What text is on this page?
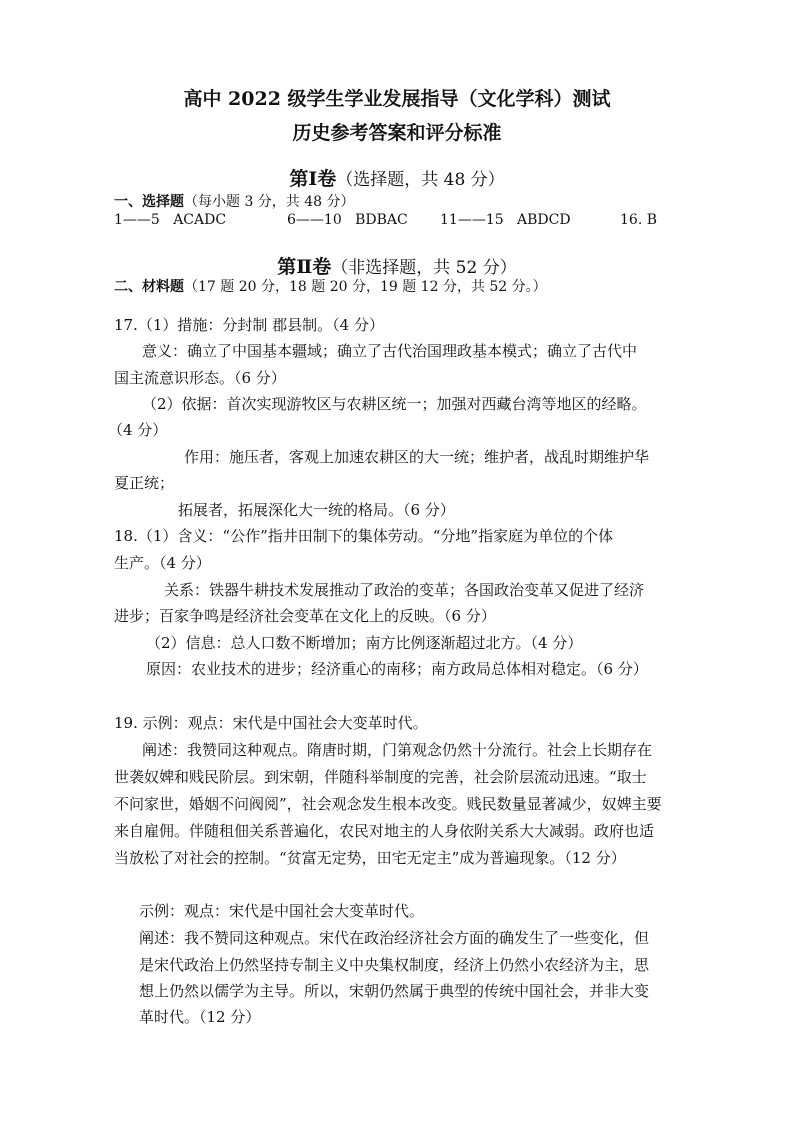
高中 2022 级学生学业发展指导（文化学科）测试
历史参考答案和评分标准
第Ⅰ卷（选择题，共 48 分）
一、选择题（每小题 3 分，共 48 分）
1——5 ACADC	6——10 BDBAC 11——15 ABDCD	16. B
第Ⅱ卷（非选择题，共 52 分）
二、材料题（17 题 20 分，18 题 20 分，19 题 12 分，共 52 分。）
17.（1）措施：分封制 郡县制。（4 分）
意义：确立了中国基本疆域；确立了古代治国理政基本模式；确立了古代中
国主流意识形态。（6 分）
（2）依据：首次实现游牧区与农耕区统一；加强对西藏台湾等地区的经略。
（4 分）
作用：施压者，客观上加速农耕区的大一统；维护者，战乱时期维护华
夏正统；
拓展者，拓展深化大一统的格局。（6 分）
18.（1）含义：“公作”指井田制下的集体劳动。“分地”指家庭为单位的个体
生产。（4 分）
关系：铁器牛耕技术发展推动了政治的变革；各国政治变革又促进了经济
进步；百家争鸣是经济社会变革在文化上的反映。（6 分）
（2）信息：总人口数不断增加；南方比例逐渐超过北方。（4 分）
原因：农业技术的进步；经济重心的南移；南方政局总体相对稳定。（6 分）
19. 示例：观点：宋代是中国社会大变革时代。
阐述：我赞同这种观点。隋唐时期，门第观念仍然十分流行。社会上长期存在
世袭奴婢和贱民阶层。到宋朝，伴随科举制度的完善，社会阶层流动迅速。“取士
不问家世，婚姻不问阀阅”，社会观念发生根本改变。贱民数量显著减少，奴婢主要
来自雇佣。伴随租佃关系普遍化，农民对地主的人身依附关系大大减弱。政府也适
当放松了对社会的控制。“贫富无定势，田宅无定主”成为普遍现象。（12 分）
示例：观点：宋代是中国社会大变革时代。
阐述：我不赞同这种观点。宋代在政治经济社会方面的确发生了一些变化，但
是宋代政治上仍然坚持专制主义中央集权制度，经济上仍然小农经济为主，思
想上仍然以儒学为主导。所以，宋朝仍然属于典型的传统中国社会，并非大变
革时代。（12 分）
